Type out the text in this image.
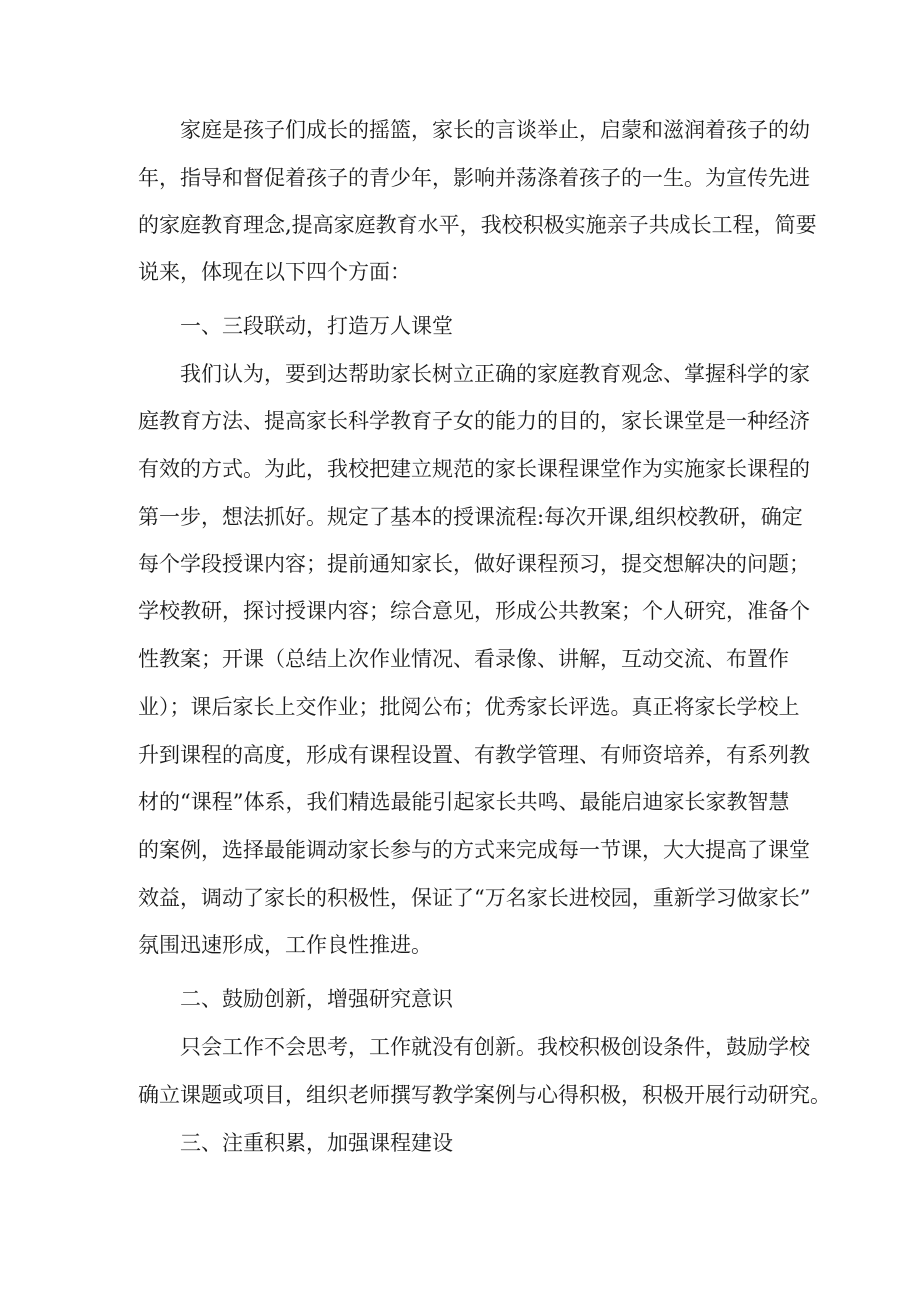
家庭是孩子们成长的摇篮，家长的言谈举止，启蒙和滋润着孩子的幼
年，指导和督促着孩子的青少年，影响并荡涤着孩子的一生。为宣传先进
的家庭教育理念,提高家庭教育水平，我校积极实施亲子共成长工程，简要
说来，体现在以下四个方面：
一、三段联动，打造万人课堂
我们认为，要到达帮助家长树立正确的家庭教育观念、掌握科学的家
庭教育方法、提高家长科学教育子女的能力的目的，家长课堂是一种经济
有效的方式。为此，我校把建立规范的家长课程课堂作为实施家长课程的
第一步，想法抓好。规定了基本的授课流程:每次开课,组织校教研，确定
每个学段授课内容；提前通知家长，做好课程预习，提交想解决的问题；
学校教研，探讨授课内容；综合意见，形成公共教案；个人研究，准备个
性教案；开课（总结上次作业情况、看录像、讲解，互动交流、布置作
业）；课后家长上交作业；批阅公布；优秀家长评选。真正将家长学校上
升到课程的高度，形成有课程设置、有教学管理、有师资培养，有系列教
材的“课程”体系，我们精选最能引起家长共鸣、最能启迪家长家教智慧
的案例，选择最能调动家长参与的方式来完成每一节课，大大提高了课堂
效益，调动了家长的积极性，保证了“万名家长进校园，重新学习做家长”
氛围迅速形成，工作良性推进。
二、鼓励创新，增强研究意识
只会工作不会思考，工作就没有创新。我校积极创设条件，鼓励学校
确立课题或项目，组织老师撰写教学案例与心得积极，积极开展行动研究。
三、注重积累，加强课程建设
